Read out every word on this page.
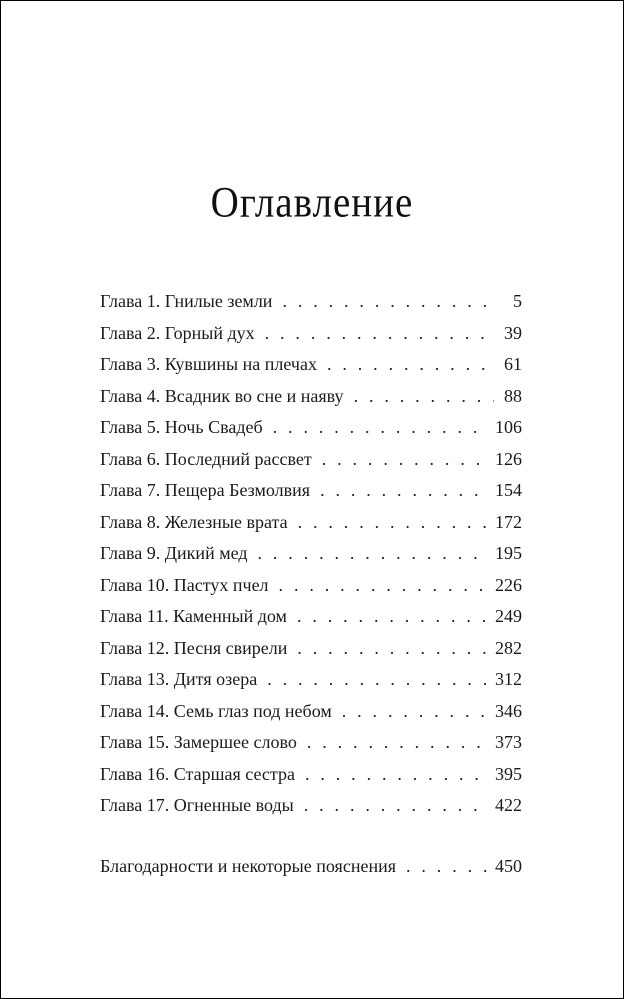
Оглавление
Глава 1. Гнилые земли . . .	5
Глава 2. Горный дух . . .	39
Глава 3. Кувшины на плечах . . .	61
Глава 4. Всадник во сне и наяву . . .	88
Глава 5. Ночь Свадеб . . .	106
Глава 6. Последний рассвет . . .	126
Глава 7. Пещера Безмолвия . . .	154
Глава 8. Железные врата . . .	172
Глава 9. Дикий мед . . .	195
Глава 10. Пастух пчел . . .	226
Глава 11. Каменный дом . . .	249
Глава 12. Песня свирели . . .	282
Глава 13. Дитя озера . . .	312
Глава 14. Семь глаз под небом . . .	346
Глава 15. Замершее слово . . .	373
Глава 16. Старшая сестра . . .	395
Глава 17. Огненные воды . . .	422
Благодарности и некоторые пояснения . . .	450
